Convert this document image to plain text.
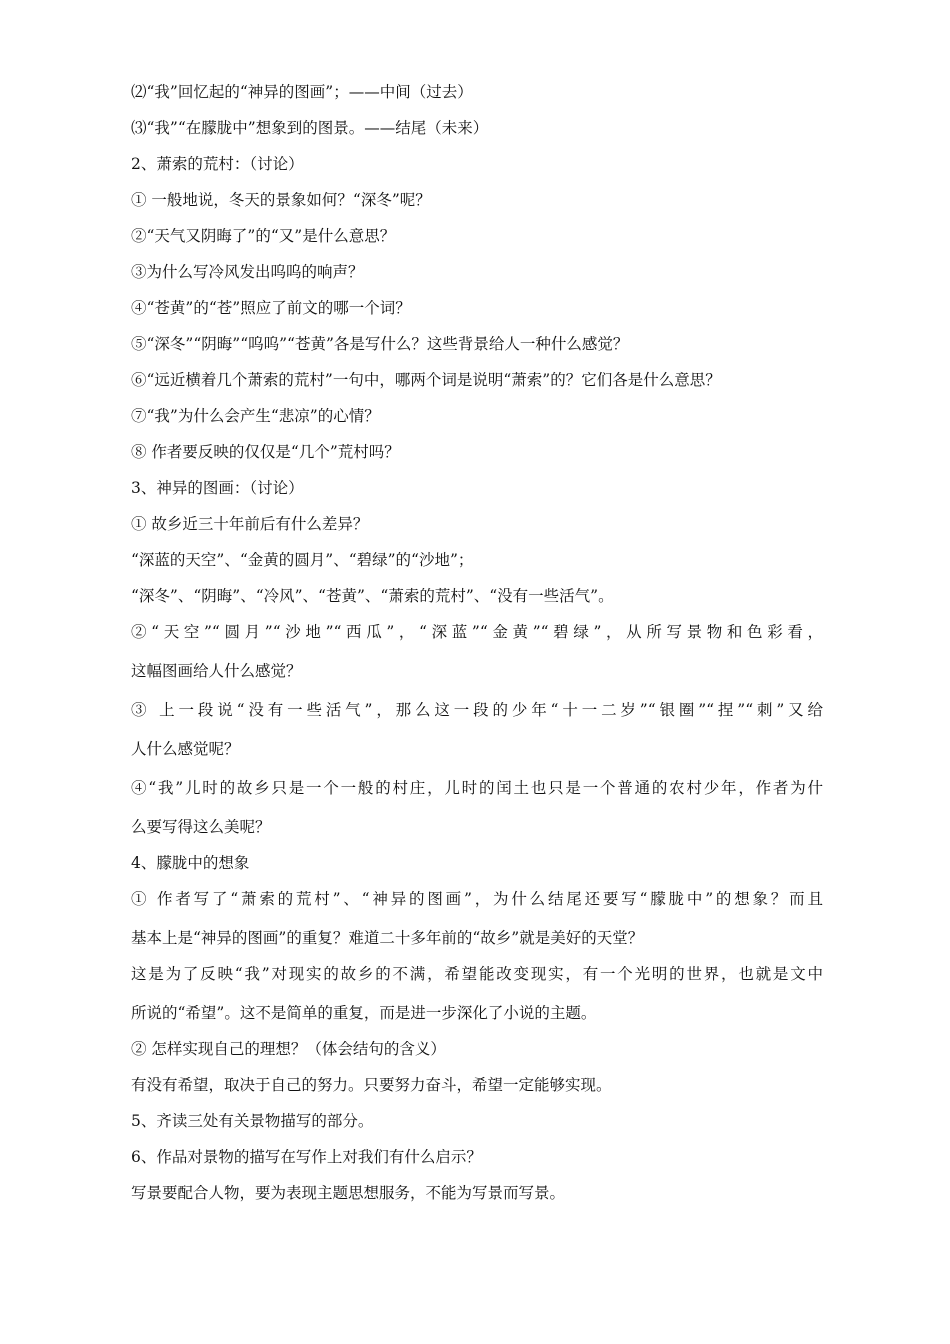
⑵“我”回忆起的“神异的图画”；——中间（过去）
⑶“我”“在朦胧中”想象到的图景。——结尾（未来）
2、萧索的荒村：（讨论）
① 一般地说，冬天的景象如何？“深冬”呢？
②“天气又阴晦了”的“又”是什么意思？
③为什么写冷风发出呜呜的响声？
④“苍黄”的“苍”照应了前文的哪一个词？
⑤“深冬”“阴晦”“呜呜”“苍黄”各是写什么？这些背景给人一种什么感觉？
⑥“远近横着几个萧索的荒村”一句中，哪两个词是说明“萧索”的？它们各是什么意思？
⑦“我”为什么会产生“悲凉”的心情？
⑧ 作者要反映的仅仅是“几个”荒村吗？
3、神异的图画：（讨论）
① 故乡近三十年前后有什么差异？
“深蓝的天空”、“金黄的圆月”、“碧绿”的“沙地”；
“深冬”、“阴晦”、“冷风”、“苍黄”、“萧索的荒村”、“没有一些活气”。
②“天空”“圆月”“沙地”“西瓜”，“深蓝”“金黄”“碧绿”，从所写景物和色彩看，
这幅图画给人什么感觉？
③ 上一段说“没有一些活气”，那么这一段的少年“十一二岁”“银圈”“捏”“刺”又给
人什么感觉呢？
④“我”儿时的故乡只是一个一般的村庄，儿时的闰土也只是一个普通的农村少年，作者为什
么要写得这么美呢？
4、朦胧中的想象
① 作者写了“萧索的荒村”、“神异的图画”，为什么结尾还要写“朦胧中”的想象？而且
基本上是“神异的图画”的重复？难道二十多年前的“故乡”就是美好的天堂？
这是为了反映“我”对现实的故乡的不满，希望能改变现实，有一个光明的世界，也就是文中
所说的“希望”。这不是简单的重复，而是进一步深化了小说的主题。
② 怎样实现自己的理想？（体会结句的含义）
有没有希望，取决于自己的努力。只要努力奋斗，希望一定能够实现。
5、齐读三处有关景物描写的部分。
6、作品对景物的描写在写作上对我们有什么启示？
写景要配合人物，要为表现主题思想服务，不能为写景而写景。
